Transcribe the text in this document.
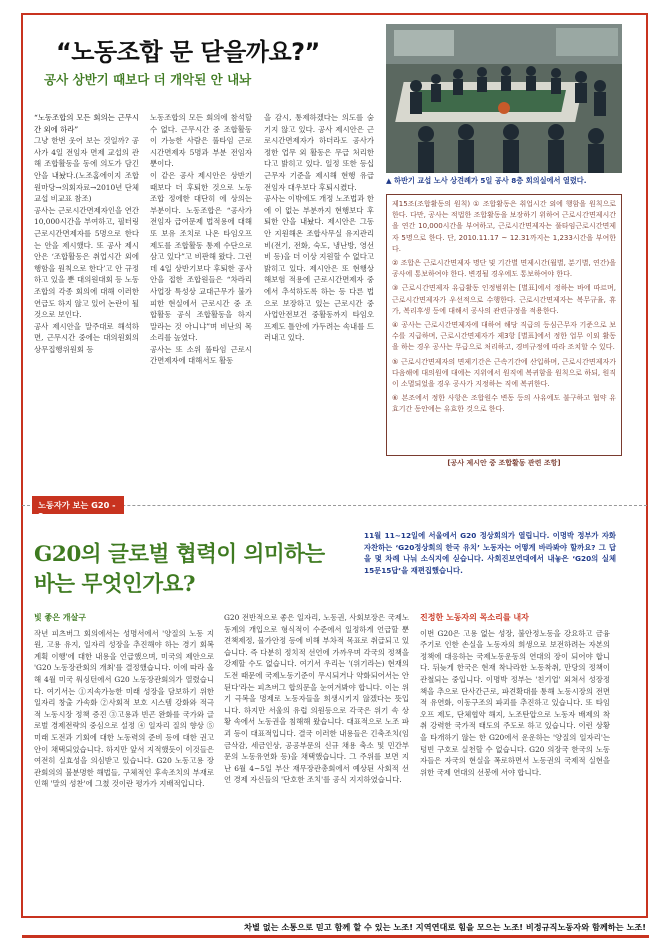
“노동조합 문 닫을까요?”
공사 상반기 때보다 더 개악된 안 내놔
▲ 하반기 교섭 노사 상견례가 5일 공사 8층 회의실에서 열렸다.

“노동조합의 모든 회의는 근무시간 외에 하라”

그냥 한번 웃어 보는 것일까? 공사가 4일 전임자 면제 교섭의 관해 조합활동을 동에 의도가 담긴 안을 내놨다.(노조홈에이지 조합원마당→의회자료→2010년 단체교섭 비교표 참조)

공사는 근로시간면제자인을 연간 10,000시간을 부여하고, 필터링 근로시간면제자를 5명으로 한다는 안을 제시했다. 또 공사 제시안은 ‘조합활동은 취업시간 외에 행함을 원칙으로 한다’고 안 규정하고 있을 뿐 대의원대회 등 노동조합의 각종 회의에 대해 이러한 연급도 하지 않고 있어 논란이 될 것으로 보인다.

공사 제시안을 말주대로 해석하면, 근무시간 중에는 대의원회의 상무집행위원회 등

노동조합의 모든 회의에 참석할 수 없다. 근무시간 중 조합활동이 가능한 사람은 풀타임 근로시간면제자 5명과 부분 전임자뿐이다.

이 같은 공사 제시안은 상반기 때보다 더 후퇴한 것으로 노동조합 정에한 대단히 에 상의는 부분이다. 노동조합은 “공사가 전임자 급여문제 법적용에 대해 또 보유 조치로 나온 타임오프제도를 조합활동 통제 수단으로 삼고 있다”고 비판해 왔다. 그런데 4일 상반기보다 후퇴한 공사안을 접한 조합원들은 “차라리 사업장 특성상 교대근무가 불가피한 현실에서 근로시간 중 조합활동 공식 조합활동을 하지 말라는 것 아니냐”며 비난의 목소리를 높였다.

공사는 또 소위 풀타임 근로시간면제자에 대해서도 활동

을 감시, 통제하겠다는 의도를 숨기지 않고 있다. 공사 제시안은 근로시간면제자가 하더라도 공사가 정한 업무 외 활동은 무급 처리한다고 밝히고 있다. 일정 또한 등십근무자 기준을 제시해 현행 유급 전임자 대우보다 후퇴시켰다.

공사는 이밖에도 개정 노조법과 한에 이 없는 부분까지 현행보다 후퇴한 안을 내놨다. 제시안은 그동안 지원해온 조합사무실 유지관리비(전기, 전화, 숙도, 냉난방, 영선비 등)을 더 이상 지원할 수 없다고 밝히고 있다. 제시안은 또 현행상해보험 적용에 근로시간면제자 중에서 추석하도록 하는 등 다른 법으로 보장하고 있는 근로시간 중 사업안전보건 중활동까지 타임오프제도 틀안에 가두려는 속내를 드러내고 있다.

제15조(조합활동의 원칙) ① 조합활동은 취업시간 외에 행함을 원칙으로 한다. 다만, 공사는 적법한 조합활동을 보장하기 위하여 근로시간면제시간을 연간 10,000시간을 부여하고, 근로시간면제자는 풀타임근로시간면제자 5명으로 한다. 단, 2010.11.17 ~ 12.31까지는 1,233시간을 부여한다.
② 조합은 근로시간면제자 명단 및 기간별 면제시간(월별, 분기별, 연간)을 공사에 통보하여야 한다. 변경될 경우에도 통보하여야 한다.
③ 근로시간면제자 유급활동 인정범위는 [별표]에서 정하는 바에 따르며, 근로시간면제자가 우선적으로 수행한다. 근로시간면제자는 복무규율, 휴가, 복리후생 등에 대해서 공사의 관련규정을 적용한다.
④ 공사는 근로시간면제자에 대하여 해당 직급의 등심근무자 기준으로 보수를 지급하며, 근로시간면제자가 제3항 [별표]에서 정한 업무 이외 활동을 하는 경우 공사는 무급으로 처리하고, 경비규정에 따라 조치할 수 있다.
⑤ 근로시간면제자의 면제기간은 근속기간에 산입하며, 근로시간면제자가 다음해에 대의원에 대에는 지위에서 원직에 복귀함을 원칙으로 하되, 원직이 소멸되었을 경우 공사가 지정하는 직에 복귀한다.
⑥ 본조에서 정한 사항은 조합원수 변동 등의 사유에도 불구하고 협약 유효기간 동안에는 유효한 것으로 한다.
[공사 제시안 중 조합활동 관련 조항]
노동자가 보는 G20 - 3
G20의 글로벌 협력이 의미하는
바는 무엇인가요?
11월 11~12일에 서울에서 G20 정상회의가 열립니다. 이명박 정부가 자화자찬하는 ‘G20정상회의 한국 유치’ 노동자는 어떻게 바라봐야 할까요? 그 답을 몇 차례 나눠 소식지에 싣습니다. 사회진보연대에서 내놓은 ‘G20의 실체 15문15답’을 재편집했습니다.
빛 좋은 개살구

작년 피츠버그 회의에서는 성명서에서 '양질의 노동 지원, 고용 유지, 일자리 성장을 추진해야 하는 경기 회복 계획 이행'에 대한 내용을 언급했으며, 미국의 제안으로 'G20 노동장관회의 개최'를 결정했습니다. 이에 따라 올해 4월 미국 워싱턴에서 G20 노동장관회의가 열렸습니다. 여기서는 ①지속가능한 미래 성장을 담보하기 위한 일자리 창출 가속화 ②사회적 보호 시스템 강화와 적극적 노동시장 정책 증진 ③고용과 빈곤 완화를 국가와 글로벌 경제전략의 중심으로 설정 ④ 일자리 질의 향상 ⑤미래 도전과 기회에 대한 노동력의 준비 등에 대한 권고안이 채택되었습니다. 하지만 앞서 지적했듯이 이것들은 여전히 실효성을 의심받고 있습니다. G20 노동고용 장관회의의 불분명한 해법들, 구체적인 후속조치의 부재로 인해 '말의 성찬'에 그쳤 것이란 평가가 지배적입니다.

G20 전반적으로 좋은 일자리, 노동권, 사회보장은 국제노동계의 개입으로 형식적이 수준에서 일정하게 언급할 뿐 견책제정, 물가안정 등에 비해 부차적 목표로 취급되고 있습니다. 즉 다분히 정치적 선언에 가까우며 각국의 정책을 강제할 수도 없습니다. 여기서 우리는 '(위기라는) 현재의 도전 때문에 국제노동기준이 무시되거나 약화되어서는 안 된다'라는 피츠버그 합의문을 눈여겨봐야 합니다. 이는 위기 극복을 명제로 노동자들을 희생시키지 않겠다는 뜻입니다. 하지만 서울의 유럽 의원등으로 각국은 위기 속 상황 속에서 노동권을 침해해 왔습니다. 대표적으로 노조 파괴 등이 대표적입니다. 결국 이러한 내용들은 긴축조치(임금삭감, 세금인상, 공공부문의 신규 채용 축소 및 민간부문의 노동유연화 등)을 채택했습니다. 그 주위를 보면 지난 6월 4~5일 부산 재무장관총회에서 예상된 사회적 선언 경제 자신들의 '단호한 조치'를 공식 지지하였습니다.

진정한 노동자의 목소리를 내자

이번 G20은 고용 없는 성장, 불안정노동을 강요하고 금융 주기로 인한 손실을 노동자의 희생으로 보전하려는 자본의 정책에 대응하는 국제노동운동의 연대의 장이 되어야 합니다. 뒤늦게 한국은 현재 착나라한 노동착취, 만당의 정책이 관철되는 중입니다. 이명박 정부는 '친기업' 외쳐서 성장정책을 추으로 단사간근로, 파견확대를 통해 노동시장의 전면적 유연화, 이동구조의 파괴를 추진하고 있습니다. 또 타임오프 제도, 단체협약 해지, 노조탄압으로 노동자 배제의 착취 강력한 국가적 태도의 주도로 하고 있습니다. 이런 상황을 타개하기 않는 한 G20에서 운운하는 '양질의 일자리'는 텅빈 구호로 실천할 수 없습니다. G20 의장국 한국의 노동자들은 자국의 현실을 폭로하면서 노동권의 국제적 실현을 위한 국제 연대의 선봉에 서야 합니다.

차별 없는 소통으로 믿고 함께 할 수 있는 노조! 지역연대로 힘을 모으는 노조! 비정규직노동자와 함께하는 노조!
